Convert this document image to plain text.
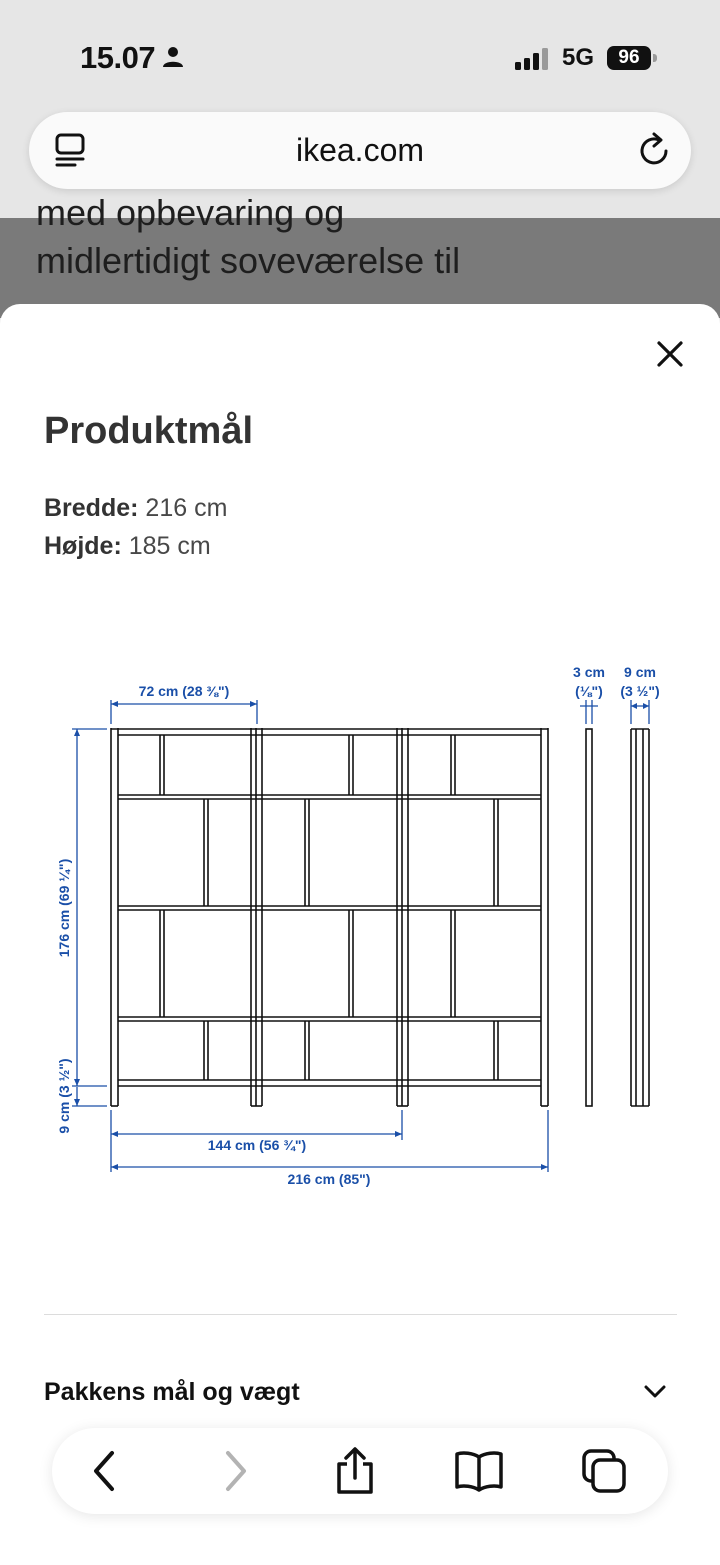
15.07	5G	96
ikea.com
med opbevaring og
midlertidigt soveværelse til
Produktmål
Bredde: 216 cm
Højde: 185 cm
72 cm (28 ⅜")
176 cm (69 ¼")
9 cm (3 ½")
144 cm (56 ¾")
216 cm (85")
3 cm
(⅛")
9 cm
(3 ½")
Pakkens mål og vægt
